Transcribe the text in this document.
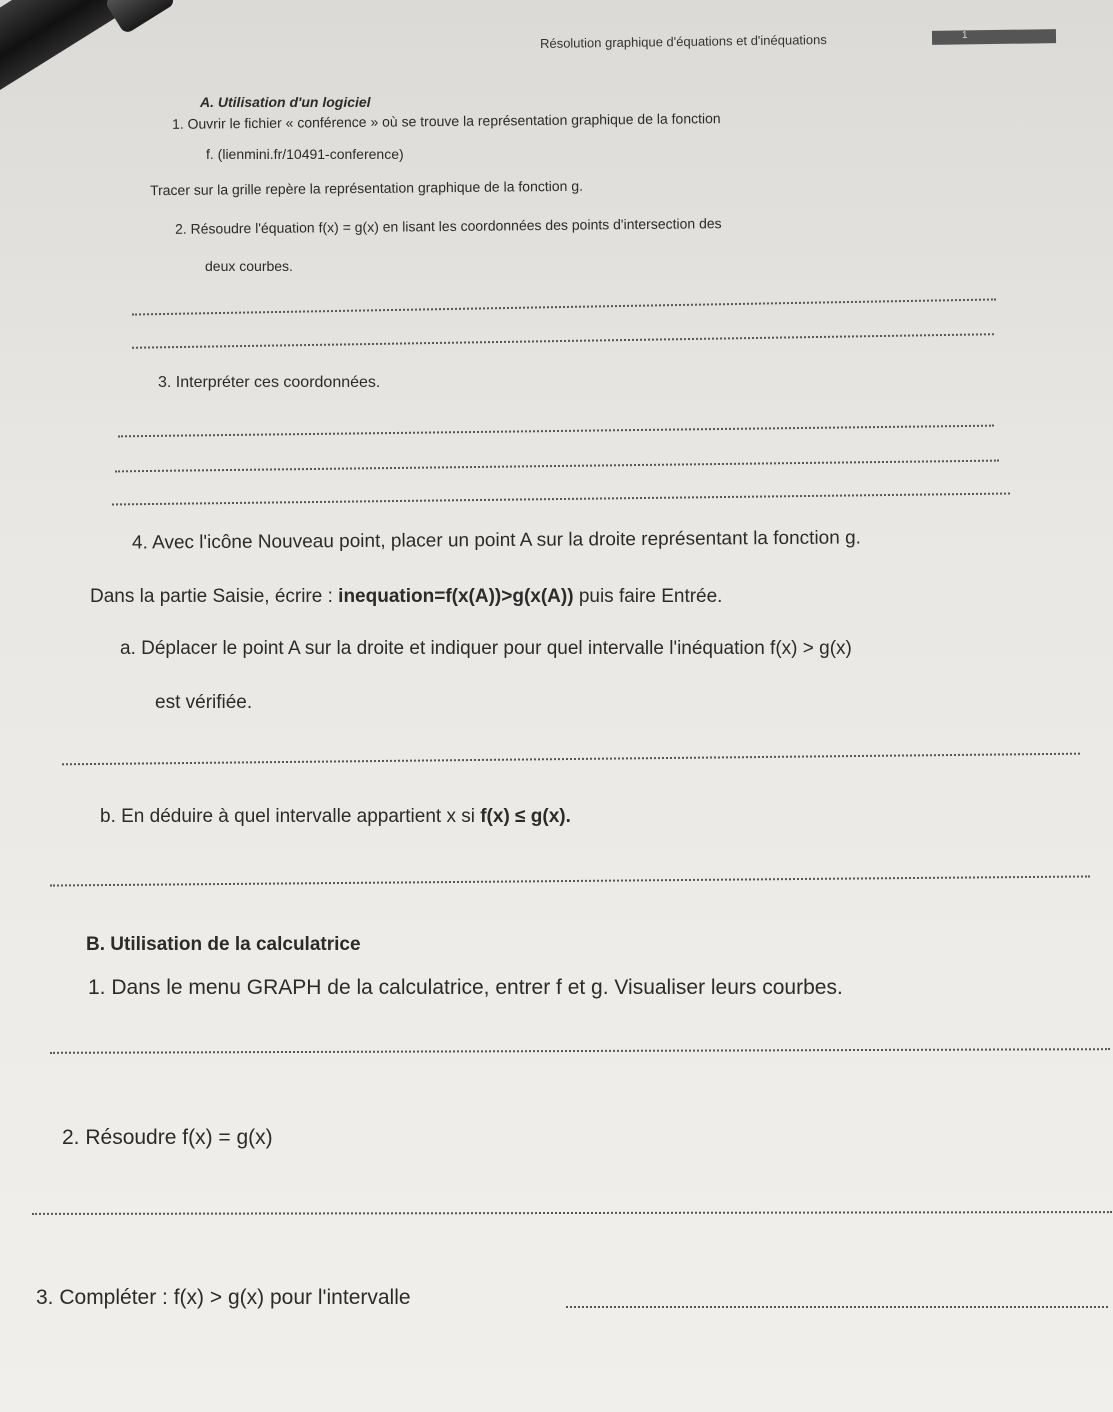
Résolution graphique d'équations et d'inéquations	1
A. Utilisation d'un logiciel
1. Ouvrir le fichier « conférence » où se trouve la représentation graphique de la fonction
f. (lienmini.fr/10491-conference)
Tracer sur la grille repère la représentation graphique de la fonction g.
2. Résoudre l'équation f(x) = g(x) en lisant les coordonnées des points d'intersection des
deux courbes.
3. Interpréter ces coordonnées.
4. Avec l'icône Nouveau point, placer un point A sur la droite représentant la fonction g.
Dans la partie Saisie, écrire : inequation=f(x(A))>g(x(A)) puis faire Entrée.
a. Déplacer le point A sur la droite et indiquer pour quel intervalle l'inéquation f(x) > g(x)
est vérifiée.
b. En déduire à quel intervalle appartient x si f(x) ≤ g(x).
B. Utilisation de la calculatrice
1. Dans le menu GRAPH de la calculatrice, entrer f et g. Visualiser leurs courbes.
2. Résoudre f(x) = g(x)
3. Compléter : f(x) > g(x) pour l'intervalle
